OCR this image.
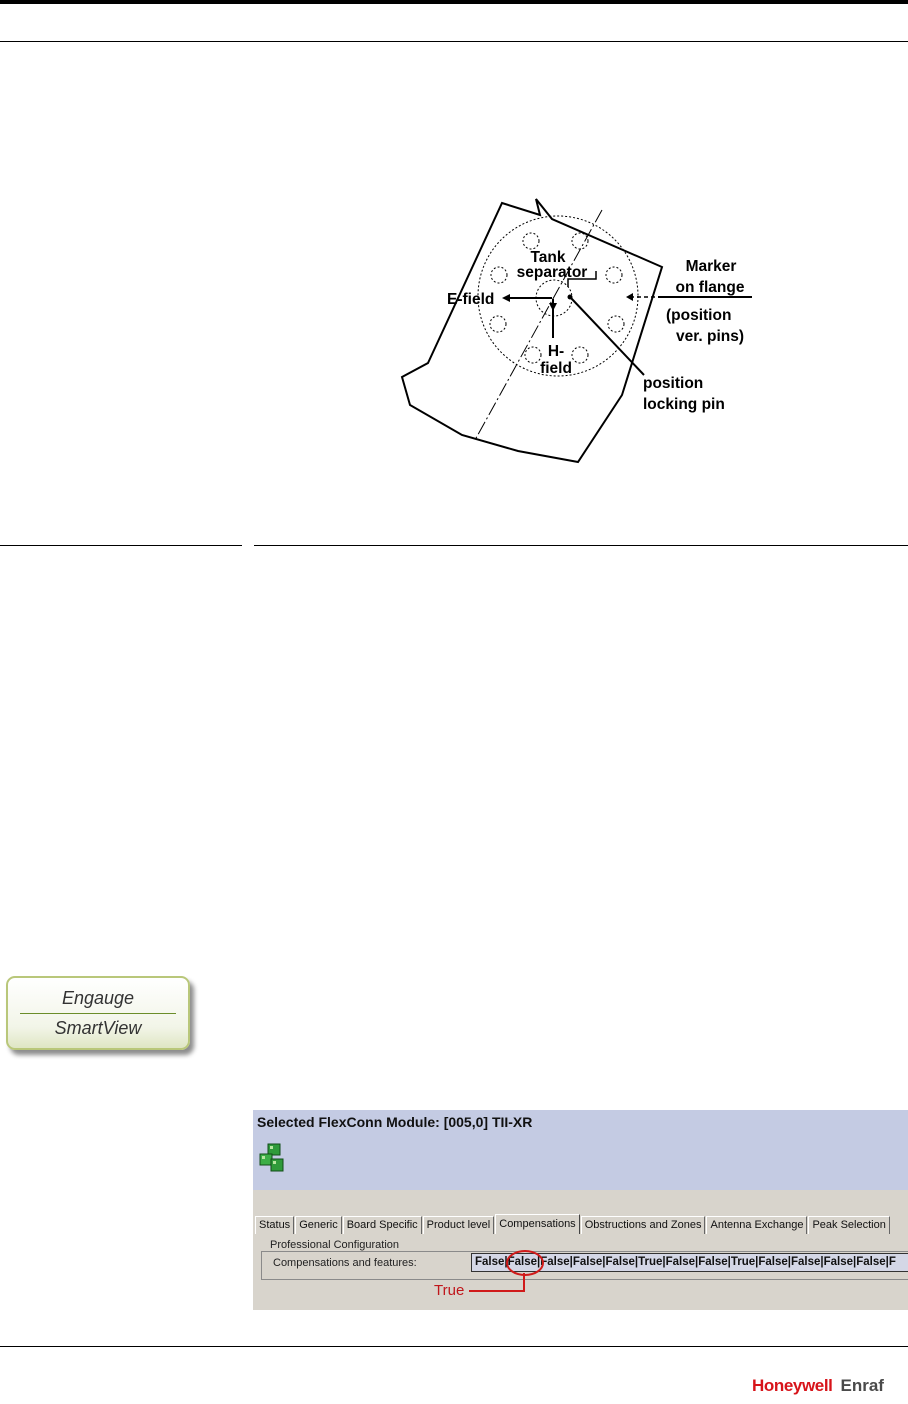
Tank
separator
E-field
H-
field
Marker
on flange
(position
ver. pins)
position
locking pin
Engauge
SmartView
Selected FlexConn Module: [005,0] TII-XR
Status Generic Board Specific Product level Compensations Obstructions and Zones Antenna Exchange Peak Selection
Professional Configuration
Compensations and features:	False|False|False|False|False|True|False|False|True|False|False|False|False|F
True
Honeywell Enraf
